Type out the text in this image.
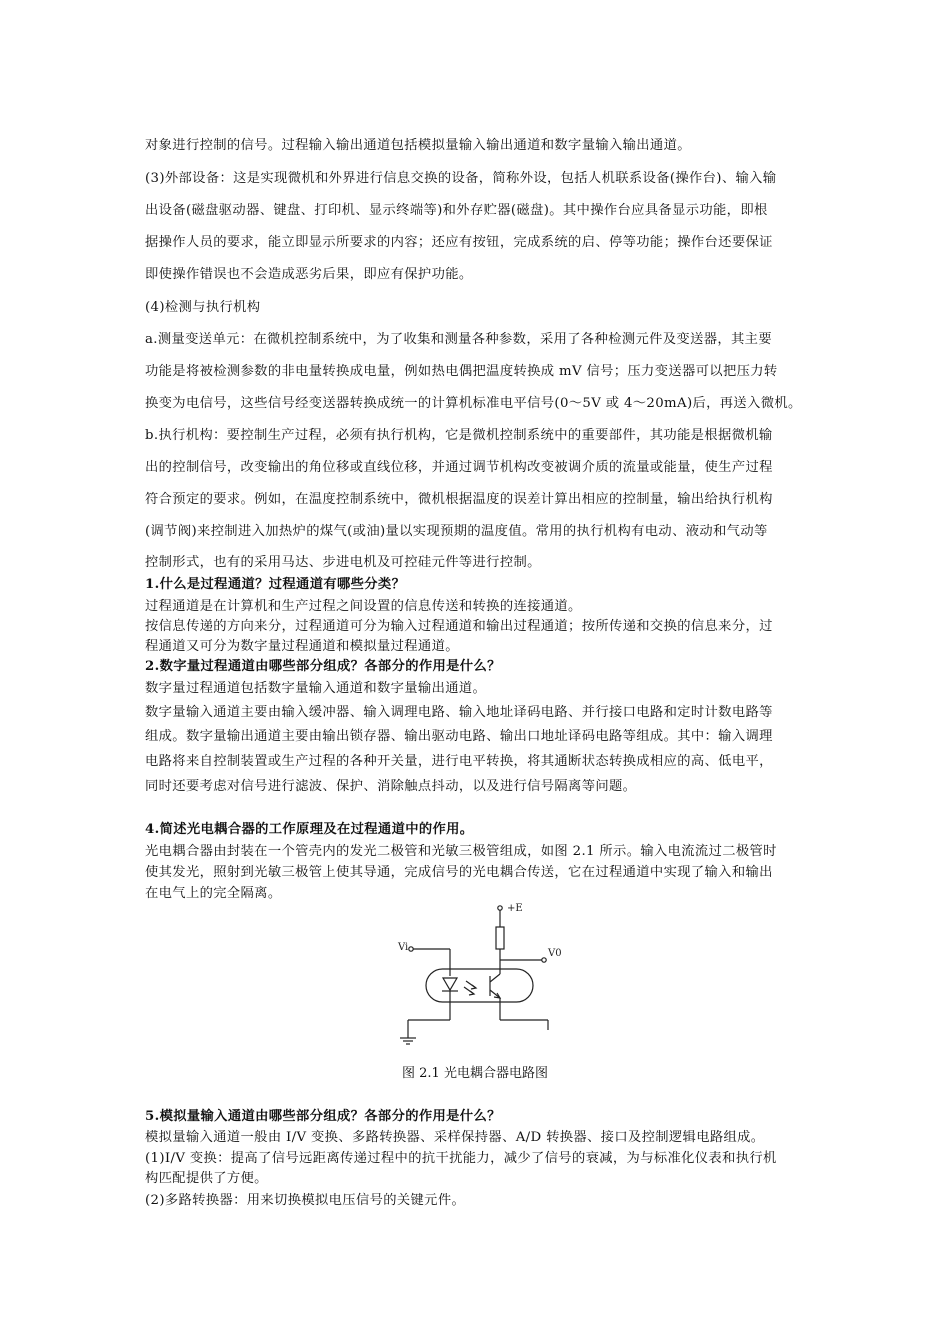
对象进行控制的信号。过程输入输出通道包括模拟量输入输出通道和数字量输入输出通道。

(3)外部设备：这是实现微机和外界进行信息交换的设备，简称外设，包括人机联系设备(操作台)、输入输

出设备(磁盘驱动器、键盘、打印机、显示终端等)和外存贮器(磁盘)。其中操作台应具备显示功能，即根

据操作人员的要求，能立即显示所要求的内容；还应有按钮，完成系统的启、停等功能；操作台还要保证

即使操作错误也不会造成恶劣后果，即应有保护功能。

(4)检测与执行机构

a.测量变送单元：在微机控制系统中，为了收集和测量各种参数，采用了各种检测元件及变送器，其主要

功能是将被检测参数的非电量转换成电量，例如热电偶把温度转换成 mV 信号；压力变送器可以把压力转

换变为电信号，这些信号经变送器转换成统一的计算机标准电平信号(0～5V 或 4～20mA)后，再送入微机。

b.执行机构：要控制生产过程，必须有执行机构，它是微机控制系统中的重要部件，其功能是根据微机输

出的控制信号，改变输出的角位移或直线位移，并通过调节机构改变被调介质的流量或能量，使生产过程

符合预定的要求。例如，在温度控制系统中，微机根据温度的误差计算出相应的控制量，输出给执行机构

(调节阀)来控制进入加热炉的煤气(或油)量以实现预期的温度值。常用的执行机构有电动、液动和气动等

控制形式，也有的采用马达、步进电机及可控硅元件等进行控制。

1.什么是过程通道？过程通道有哪些分类？

过程通道是在计算机和生产过程之间设置的信息传送和转换的连接通道。

按信息传递的方向来分，过程通道可分为输入过程通道和输出过程通道；按所传递和交换的信息来分，过

程通道又可分为数字量过程通道和模拟量过程通道。

2.数字量过程通道由哪些部分组成？各部分的作用是什么？

数字量过程通道包括数字量输入通道和数字量输出通道。

数字量输入通道主要由输入缓冲器、输入调理电路、输入地址译码电路、并行接口电路和定时计数电路等

组成。数字量输出通道主要由输出锁存器、输出驱动电路、输出口地址译码电路等组成。其中：输入调理

电路将来自控制装置或生产过程的各种开关量，进行电平转换，将其通断状态转换成相应的高、低电平，

同时还要考虑对信号进行滤波、保护、消除触点抖动，以及进行信号隔离等问题。

4.简述光电耦合器的工作原理及在过程通道中的作用。

光电耦合器由封装在一个管壳内的发光二极管和光敏三极管组成，如图 2.1 所示。输入电流流过二极管时

使其发光，照射到光敏三极管上使其导通，完成信号的光电耦合传送，它在过程通道中实现了输入和输出

在电气上的完全隔离。

+E
V0
Vi
图 2.1 光电耦合器电路图

5.模拟量输入通道由哪些部分组成？各部分的作用是什么？

模拟量输入通道一般由 I/V 变换、多路转换器、采样保持器、A/D 转换器、接口及控制逻辑电路组成。

(1)I/V 变换：提高了信号远距离传递过程中的抗干扰能力，减少了信号的衰减，为与标准化仪表和执行机

构匹配提供了方便。

(2)多路转换器：用来切换模拟电压信号的关键元件。
